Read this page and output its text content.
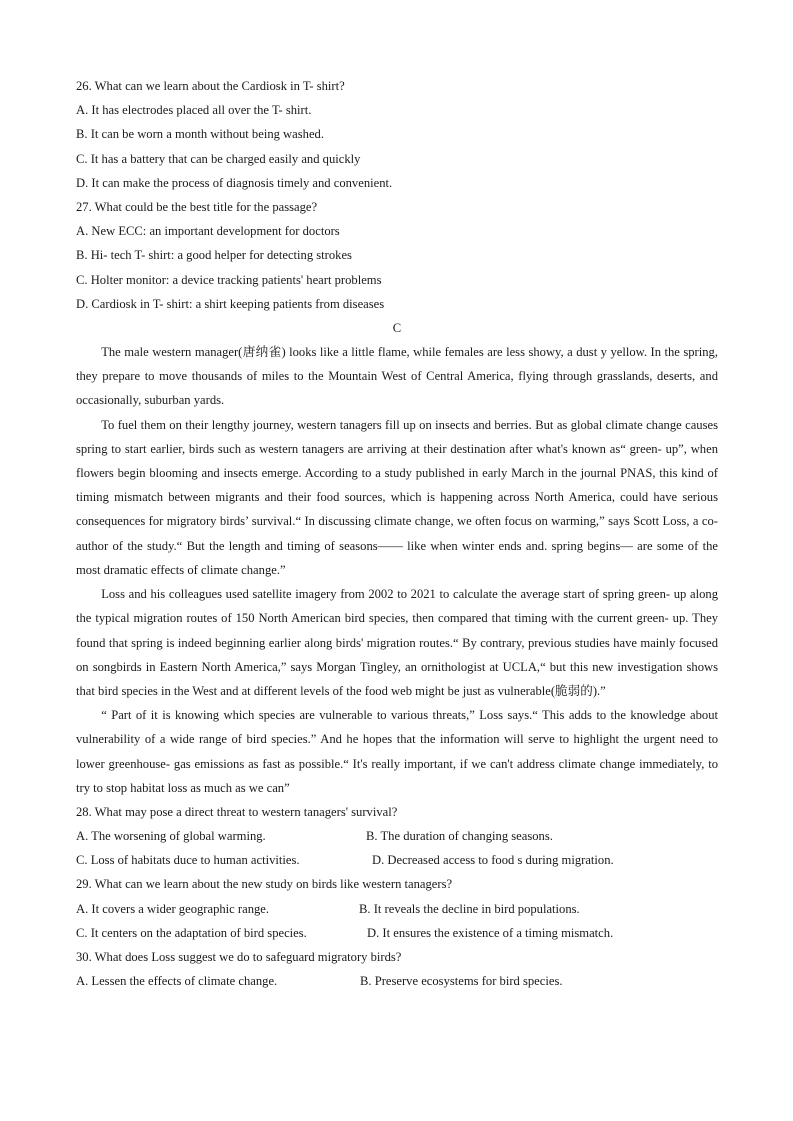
26. What can we learn about the Cardiosk in T- shirt?
A. It has electrodes placed all over the T- shirt.
B. It can be worn a month without being washed.
C. It has a battery that can be charged easily and quickly
D. It can make the process of diagnosis timely and convenient.
27. What could be the best title for the passage?
A. New ECC: an important development for doctors
B. Hi- tech T- shirt: a good helper for detecting strokes
C. Holter monitor: a device tracking patients' heart problems
D. Cardiosk in T- shirt: a shirt keeping patients from diseases
C

The male western manager(唐纳雀) looks like a little flame, while females are less showy, a dust y yellow. In the spring, they prepare to move thousands of miles to the Mountain West of Central America, flying through grasslands, deserts, and occasionally, suburban yards.

To fuel them on their lengthy journey, western tanagers fill up on insects and berries. But as global climate change causes spring to start earlier, birds such as western tanagers are arriving at their destination after what's known as“ green- up”, when flowers begin blooming and insects emerge. According to a study published in early March in the journal PNAS, this kind of timing mismatch between migrants and their food sources, which is happening across North America, could have serious consequences for migratory birds’ survival.“ In discussing climate change, we often focus on warming,” says Scott Loss, a co- author of the study.“ But the length and timing of seasons—— like when winter ends and. spring begins— are some of the most dramatic effects of climate change.”

Loss and his colleagues used satellite imagery from 2002 to 2021 to calculate the average start of spring green- up along the typical migration routes of 150 North American bird species, then compared that timing with the current green- up. They found that spring is indeed beginning earlier along birds' migration routes.“ By contrary, previous studies have mainly focused on songbirds in Eastern North America,” says Morgan Tingley, an ornithologist at UCLA,“ but this new investigation shows that bird species in the West and at different levels of the food web might be just as vulnerable(脆弱的).”

“ Part of it is knowing which species are vulnerable to various threats,” Loss says.“ This adds to the knowledge about vulnerability of a wide range of bird species.” And he hopes that the information will serve to highlight the urgent need to lower greenhouse- gas emissions as fast as possible.“ It's really important, if we can't address climate change immediately, to try to stop habitat loss as much as we can”

28. What may pose a direct threat to western tanagers' survival?
A. The worsening of global warming.	B. The duration of changing seasons.
C. Loss of habitats duce to human activities.	D. Decreased access to food s during migration.
29. What can we learn about the new study on birds like western tanagers?
A. It covers a wider geographic range.	B. It reveals the decline in bird populations.
C. It centers on the adaptation of bird species.	D. It ensures the existence of a timing mismatch.
30. What does Loss suggest we do to safeguard migratory birds?
A. Lessen the effects of climate change.	B. Preserve ecosystems for bird species.
